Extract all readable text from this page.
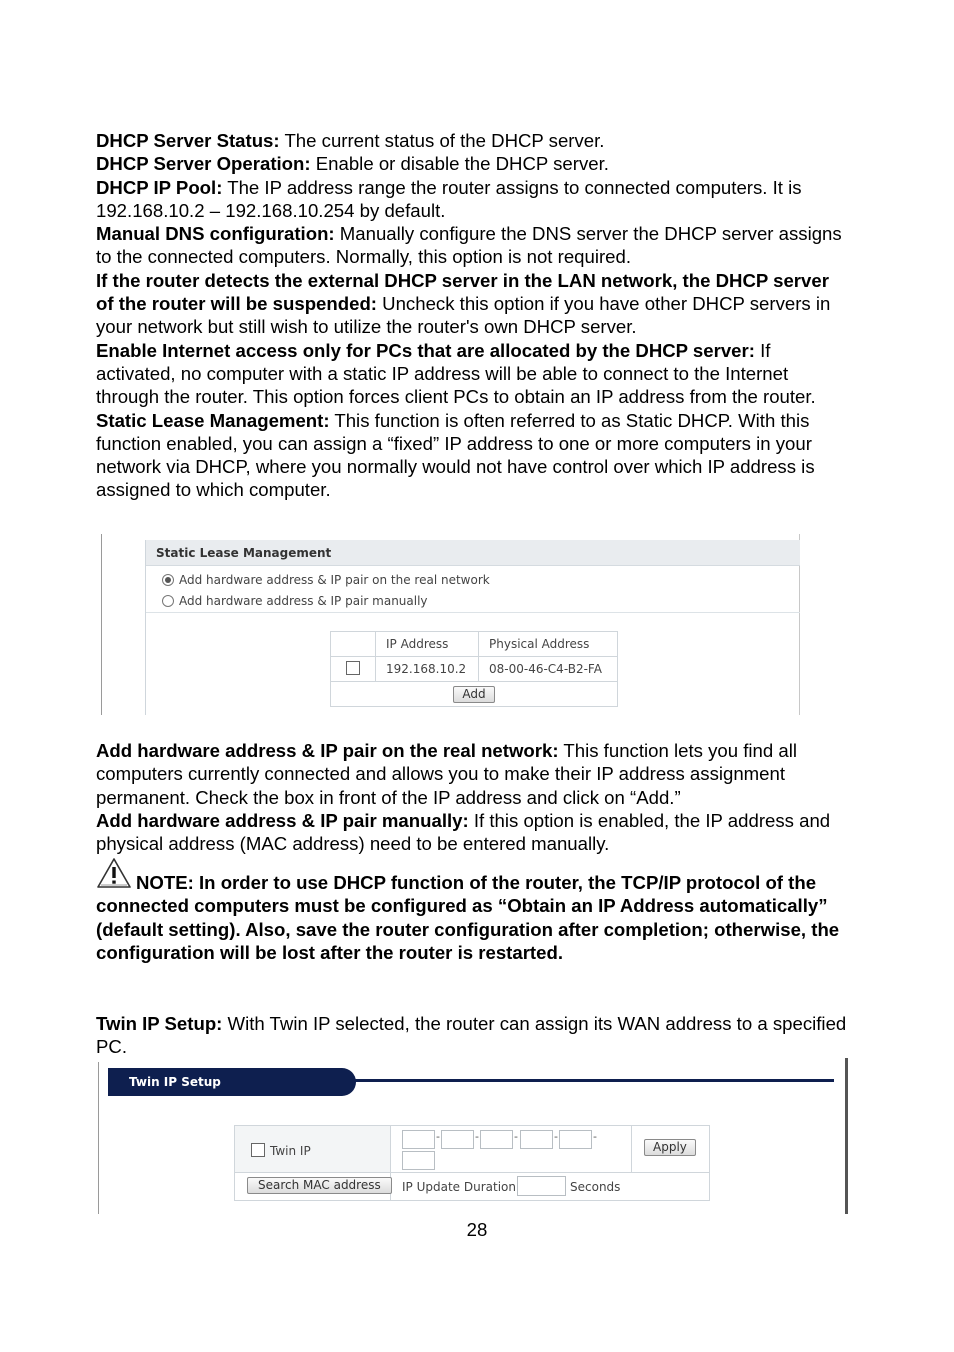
DHCP Server Status: The current status of the DHCP server.

DHCP Server Operation: Enable or disable the DHCP server.

DHCP IP Pool: The IP address range the router assigns to connected computers. It is 192.168.10.2 – 192.168.10.254 by default.

Manual DNS configuration: Manually configure the DNS server the DHCP server assigns to the connected computers. Normally, this option is not required.

If the router detects the external DHCP server in the LAN network, the DHCP server of the router will be suspended: Uncheck this option if you have other DHCP servers in your network but still wish to utilize the router's own DHCP server.

Enable Internet access only for PCs that are allocated by the DHCP server: If activated, no computer with a static IP address will be able to connect to the Internet through the router. This option forces client PCs to obtain an IP address from the router.

Static Lease Management: This function is often referred to as Static DHCP. With this function enabled, you can assign a “fixed” IP address to one or more computers in your network via DHCP, where you normally would not have control over which IP address is assigned to which computer.

Static Lease Management
Add hardware address & IP pair on the real network
Add hardware address & IP pair manually
	IP Address	Physical Address
	192.168.10.2	08-00-46-C4-B2-FA
Add		

Add hardware address & IP pair on the real network: This function lets you find all computers currently connected and allows you to make their IP address assignment permanent. Check the box in front of the IP address and click on “Add.”

Add hardware address & IP pair manually: If this option is enabled, the IP address and physical address (MAC address) need to be entered manually.

NOTE: In order to use DHCP function of the router, the TCP/IP protocol of the connected computers must be configured as “Obtain an IP Address automatically” (default setting). Also, save the router configuration after completion; otherwise, the configuration will be lost after the router is restarted.

Twin IP Setup: With Twin IP selected, the router can assign its WAN address to a specified PC.

Twin IP Setup
Twin IP
-	-	-	-	-
Apply
Search MAC address	IP Update Duration	Seconds
28
